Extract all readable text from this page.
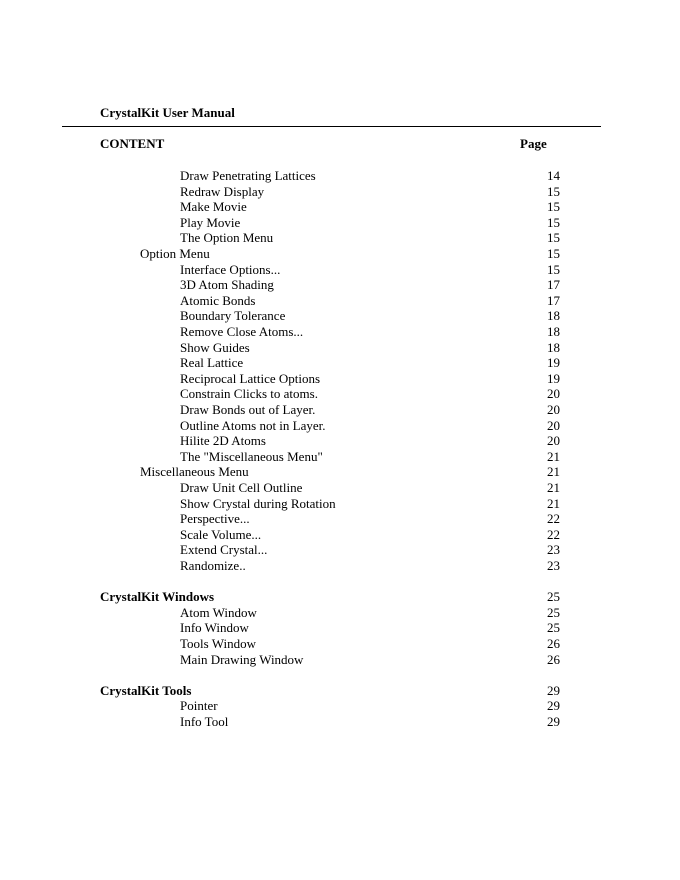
CrystalKit User Manual
CONTENT	Page
Draw Penetrating Lattices	14
Redraw Display	15
Make Movie	15
Play Movie	15
The Option Menu	15
Option Menu	15
Interface Options...	15
3D Atom Shading	17
Atomic Bonds	17
Boundary Tolerance	18
Remove Close Atoms...	18
Show Guides	18
Real Lattice	19
Reciprocal Lattice Options	19
Constrain Clicks to atoms.	20
Draw Bonds out of Layer.	20
Outline Atoms not in Layer.	20
Hilite 2D Atoms	20
The "Miscellaneous Menu"	21
Miscellaneous Menu	21
Draw Unit Cell Outline	21
Show Crystal during Rotation	21
Perspective...	22
Scale Volume...	22
Extend Crystal...	23
Randomize..	23
CrystalKit Windows	25
Atom Window	25
Info Window	25
Tools Window	26
Main Drawing Window	26
CrystalKit Tools	29
Pointer	29
Info Tool	29
